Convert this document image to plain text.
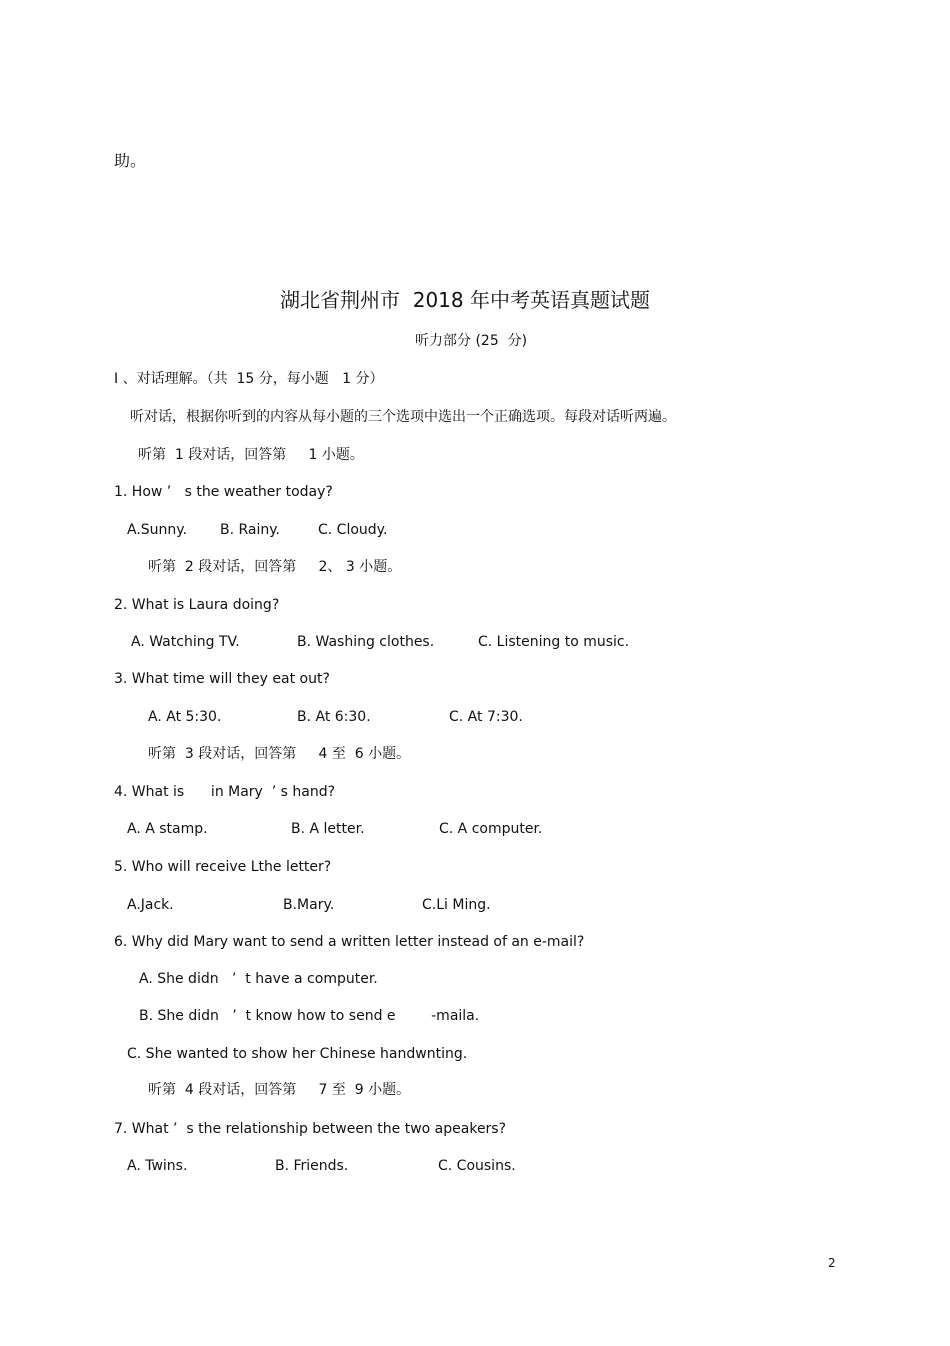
助。
湖北省荆州市  2018 年中考英语真题试题
听力部分 (25  分)
I 、对话理解。（共  15 分，每小题   1 分）
听对话，根据你听到的内容从每小题的三个选项中选出一个正确选项。每段对话听两遍。
听第  1 段对话，回答第     1 小题。
1. How ’   s the weather today?
A.Sunny. B. Rainy.	C. Cloudy.
听第  2 段对话，回答第     2、 3 小题。
2. What is Laura doing?
A. Watching TV.	B. Washing clothes.	C. Listening to music.
3. What time will they eat out?
A. At 5:30.	B. At 6:30.	C. At 7:30.
听第  3 段对话，回答第     4 至  6 小题。
4. What is      in Mary  ’ s hand?
A. A stamp.	B. A letter.	C. A computer.
5. Who will receive Lthe letter?
A.Jack.	B.Mary.	C.Li Ming.
6. Why did Mary want to send a written letter instead of an e-mail?
A. She didn   ’  t have a computer.
B. She didn   ’  t know how to send e        -maila.
C. She wanted to show her Chinese handwnting.
听第  4 段对话，回答第     7 至  9 小题。
7. What ’  s the relationship between the two apeakers?
A. Twins.	B. Friends.	C. Cousins.
2
